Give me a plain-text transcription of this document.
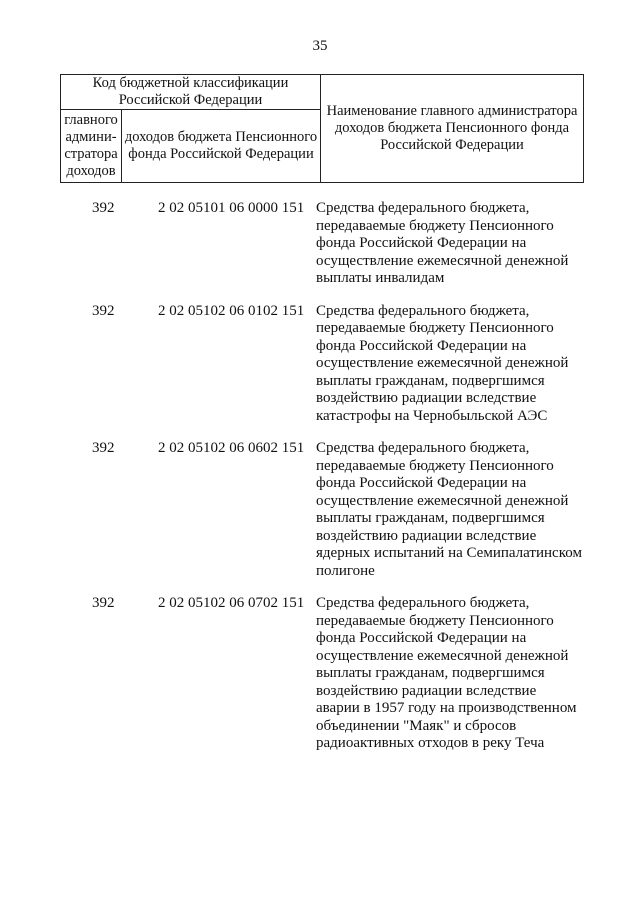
35
Код бюджетной классификации Российской Федерации		Наименование главного администратора доходов бюджета Пенсионного фонда Российской Федерации
главного админи-стратора доходов	доходов бюджета Пенсионного фонда Российской Федерации	
392	2 02 05101 06 0000 151 Средства федерального бюджета, передаваемые бюджету Пенсионного фонда Российской Федерации на осуществление ежемесячной денежной выплаты инвалидам
392	2 02 05102 06 0102 151 Средства федерального бюджета, передаваемые бюджету Пенсионного фонда Российской Федерации на осуществление ежемесячной денежной выплаты гражданам, подвергшимся воздействию радиации вследствие катастрофы на Чернобыльской АЭС
392	2 02 05102 06 0602 151 Средства федерального бюджета, передаваемые бюджету Пенсионного фонда Российской Федерации на осуществление ежемесячной денежной выплаты гражданам, подвергшимся воздействию радиации вследствие ядерных испытаний на Семипалатинском полигоне
392	2 02 05102 06 0702 151 Средства федерального бюджета, передаваемые бюджету Пенсионного фонда Российской Федерации на осуществление ежемесячной денежной выплаты гражданам, подвергшимся воздействию радиации вследствие аварии в 1957 году на производственном объединении "Маяк" и сбросов радиоактивных отходов в реку Теча
